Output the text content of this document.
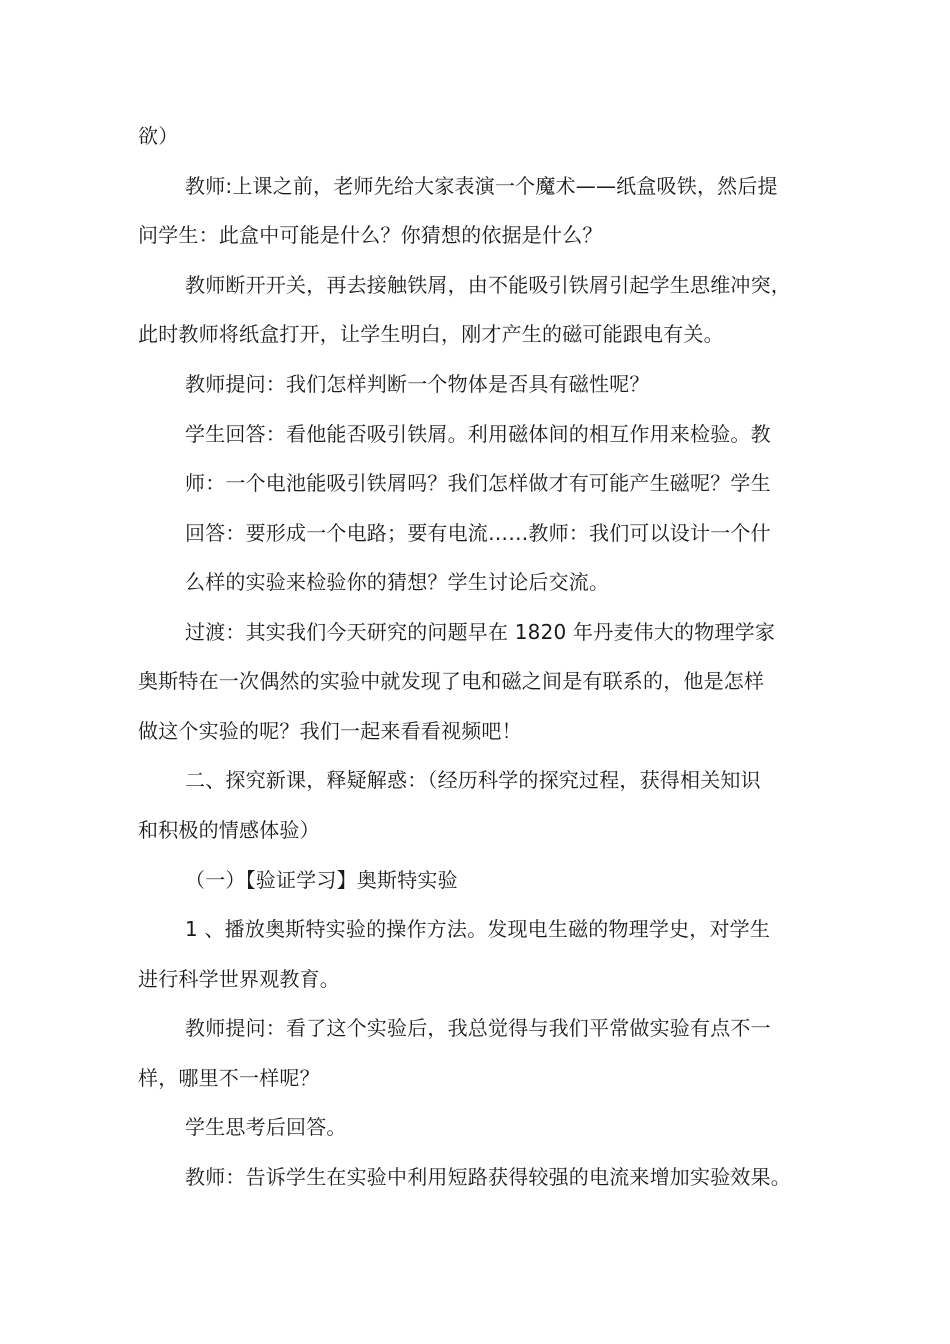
欲）
教师:上课之前，老师先给大家表演一个魔术——纸盒吸铁，然后提
问学生：此盒中可能是什么？你猜想的依据是什么？
教师断开开关，再去接触铁屑，由不能吸引铁屑引起学生思维冲突，
此时教师将纸盒打开，让学生明白，刚才产生的磁可能跟电有关。
教师提问：我们怎样判断一个物体是否具有磁性呢？
学生回答：看他能否吸引铁屑。利用磁体间的相互作用来检验。教
师：一个电池能吸引铁屑吗？我们怎样做才有可能产生磁呢？学生
回答：要形成一个电路；要有电流……教师：我们可以设计一个什
么样的实验来检验你的猜想？学生讨论后交流。
过渡：其实我们今天研究的问题早在 1820 年丹麦伟大的物理学家
奥斯特在一次偶然的实验中就发现了电和磁之间是有联系的，他是怎样
做这个实验的呢？我们一起来看看视频吧！
二、探究新课，释疑解惑：（经历科学的探究过程，获得相关知识
和积极的情感体验）
（一）【验证学习】奥斯特实验
1 、播放奥斯特实验的操作方法。发现电生磁的物理学史，对学生
进行科学世界观教育。
教师提问：看了这个实验后，我总觉得与我们平常做实验有点不一
样，哪里不一样呢？
学生思考后回答。
教师：告诉学生在实验中利用短路获得较强的电流来增加实验效果。
